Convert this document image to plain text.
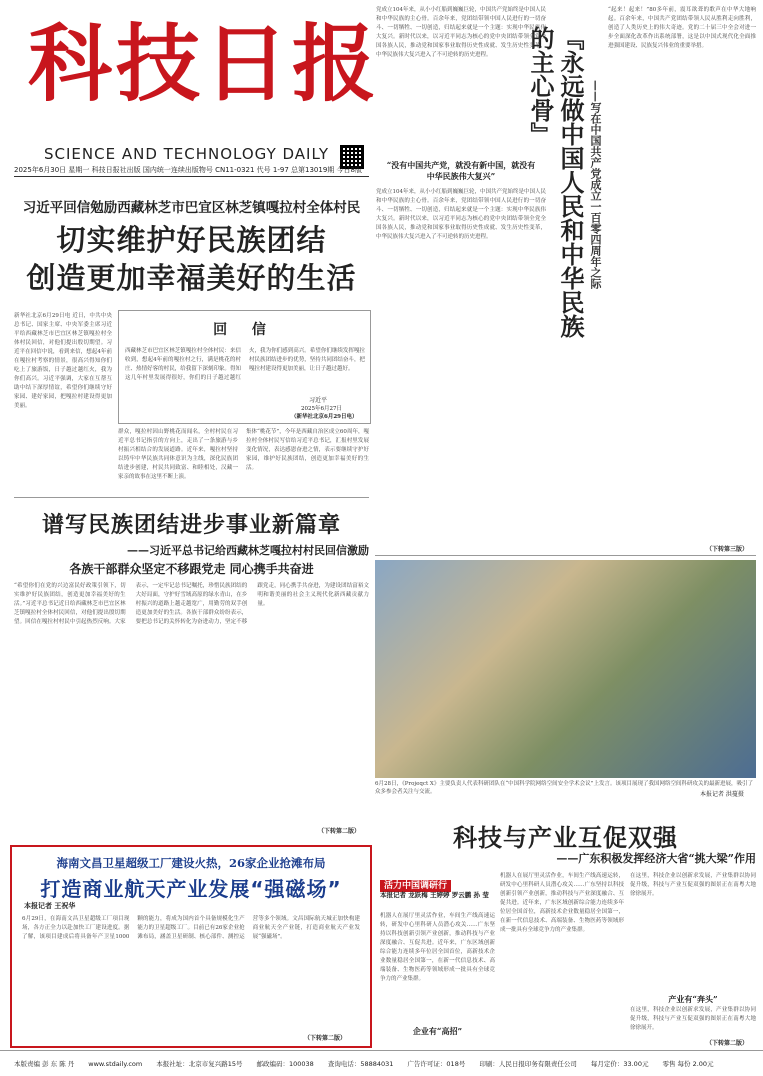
科技日报
SCIENCE AND TECHNOLOGY DAILY
2025年6月30日 星期一 科技日报社出版 国内统一连续出版物号 CN11-0321 代号 1-97 总第13019期 今日8版
习近平回信勉励西藏林芝市巴宜区林芝镇嘎拉村全体村民
切实维护好民族团结
创造更加幸福美好的生活
新华社北京6月29日电 近日，中共中央总书记、国家主席、中央军委主席习近平给西藏林芝市巴宜区林芝镇嘎拉村全体村民回信，对他们提出殷切期望。习近平在回信中说，看到来信，想起4年前在嘎拉村考察的情景，很高兴得知你们吃上了旅游饭，日子越过越红火，我为你们高兴。习近平强调，大家在互帮互助中结下深厚情谊，希望你们继续守好家园、建好家园，把嘎拉村建设得更加美丽。
回 信
西藏林芝市巴宜区林芝镇嘎拉村全体村民：来信收到，想起4年前的嘎拉村之行，满是桃花的村庄、热情好客的村民，给我留下深刻印象。得知这几年村里发展得很好，你们的日子越过越红火，我为你们感到高兴。希望你们继续发挥嘎拉村民族团结进步的优势，坚持共同团结奋斗，把嘎拉村建设得更加美丽，让日子越过越好。
习近平
2025年6月27日
（新华社北京6月29日电）
群众，嘎拉村因山野桃花而闻名，全村村民在习近平总书记指引的方向上，走出了一条旅游与乡村振兴相结合的发展道路。近年来，嘎拉村坚持以铸牢中华民族共同体意识为主线，深化民族团结进步创建，村民共同致富、和睦相处，汉藏一家亲的故事在这里不断上演。
集体“桃花节”，今年是西藏自治区成立60周年，嘎拉村全体村民写信给习近平总书记，汇报村里发展变化情况，表达感恩奋进之情，表示要继续守护好家园，维护好民族团结，创造更加幸福美好的生活。
谱写民族团结进步事业新篇章
——习近平总书记给西藏林芝嘎拉村村民回信激励
各族干部群众坚定不移跟党走 同心携手共奋进
“希望你们在党的兴边富民好政策引领下，切实维护好民族团结，创造更加幸福美好的生活。”习近平总书记近日给西藏林芝市巴宜区林芝镇嘎拉村全体村民回信，对他们提出殷切期望。回信在嘎拉村村民中引起热烈反响。大家表示，一定牢记总书记嘱托，珍惜民族团结的大好局面，守护好雪域高原的绿水青山，在乡村振兴的道路上越走越宽广，用勤劳的双手创造更加美好的生活。各族干部群众纷纷表示，要把总书记的关怀转化为奋进动力，坚定不移跟党走，同心携手共奋进，为建设团结富裕文明和谐美丽的社会主义现代化新西藏贡献力量。
（下转第二版）
『永远做中国人民和中华民族的主心骨』	——写在中国共产党成立一百零四周年之际
党成立104年来，从小小红船到巍巍巨轮，中国共产党始终是中国人民和中华民族的主心骨。百余年来，党团结带领中国人民进行的一切奋斗、一切牺牲、一切创造，归结起来就是一个主题：实现中华民族伟大复兴。新时代以来，以习近平同志为核心的党中央团结带领全党全国各族人民，推动党和国家事业取得历史性成就、发生历史性变革，中华民族伟大复兴进入了不可逆转的历史进程。
“没有中国共产党，就没有新中国，就没有中华民族伟大复兴”
党成立104年来，从小小红船到巍巍巨轮，中国共产党始终是中国人民和中华民族的主心骨。百余年来，党团结带领中国人民进行的一切奋斗、一切牺牲、一切创造，归结起来就是一个主题：实现中华民族伟大复兴。新时代以来，以习近平同志为核心的党中央团结带领全党全国各族人民，推动党和国家事业取得历史性成就、发生历史性变革，中华民族伟大复兴进入了不可逆转的历史进程。
“起来！起来！”80多年前，震耳欲聋的歌声在中华大地响起。百余年来，中国共产党团结带领人民从胜利走向胜利，创造了人类历史上的伟大奇迹。党的二十届三中全会对进一步全面深化改革作出系统部署，这是以中国式现代化全面推进强国建设、民族复兴伟业的重要举措。
（下转第三版）
6月28日，《Projeqct X》主要负责人代表科研团队在“中国科学院网络空间安全学术会议”上发言。该项目展现了我国网络空间科研攻关的最新进展，吸引了众多参会者关注与交流。	本报记者 洪蔓摄
科技与产业互促双强
——广东积极发挥经济大省“挑大梁”作用
活力中国调研行
本报记者 龙跃梅 王婷婷 罗云鹏 孙 莹
机器人在展厅里灵活作业，车间生产线高速运转，研发中心里科研人员潜心攻关……广东坚持以科技创新引领产业创新，推动科技与产业深度融合、互促共进。近年来，广东区域创新综合能力连续多年位居全国首位，高新技术企业数量稳居全国第一，在新一代信息技术、高端装备、生物医药等领域形成一批具有全球竞争力的产业集群。
企业有“高招”
机器人在展厅里灵活作业，车间生产线高速运转，研发中心里科研人员潜心攻关……广东坚持以科技创新引领产业创新，推动科技与产业深度融合、互促共进。近年来，广东区域创新综合能力连续多年位居全国首位，高新技术企业数量稳居全国第一，在新一代信息技术、高端装备、生物医药等领域形成一批具有全球竞争力的产业集群。
在这里，科技企业以创新求发展，产业集群以协同促升级，科技与产业互促双强的图景正在南粤大地徐徐展开。
产业有“奔头”
在这里，科技企业以创新求发展，产业集群以协同促升级，科技与产业互促双强的图景正在南粤大地徐徐展开。
（下转第二版）
海南文昌卫星超级工厂建设火热，26家企业抢滩布局
打造商业航天产业发展“强磁场”
本报记者 王祝华
6月29日，在海南文昌卫星超级工厂项目现场，各方正全力以赴加快工厂建设进度。据了解，该项目建成后将具备年产卫星1000颗的能力，将成为国内首个具备规模化生产能力的卫星超级工厂。目前已有26家企业抢滩布局，涵盖卫星研制、核心部件、测控运营等多个领域。文昌国际航天城正加快构建商业航天全产业链，打造商业航天产业发展“强磁场”。
（下转第二版）
本版责编 彭 东 陈 丹 www.stdaily.com 本报社址：北京市复兴路15号 邮政编码：100038 查询电话：58884031 广告许可证：018号 印刷：人民日报印务有限责任公司 每月定价：33.00元 零售 每份 2.00元
